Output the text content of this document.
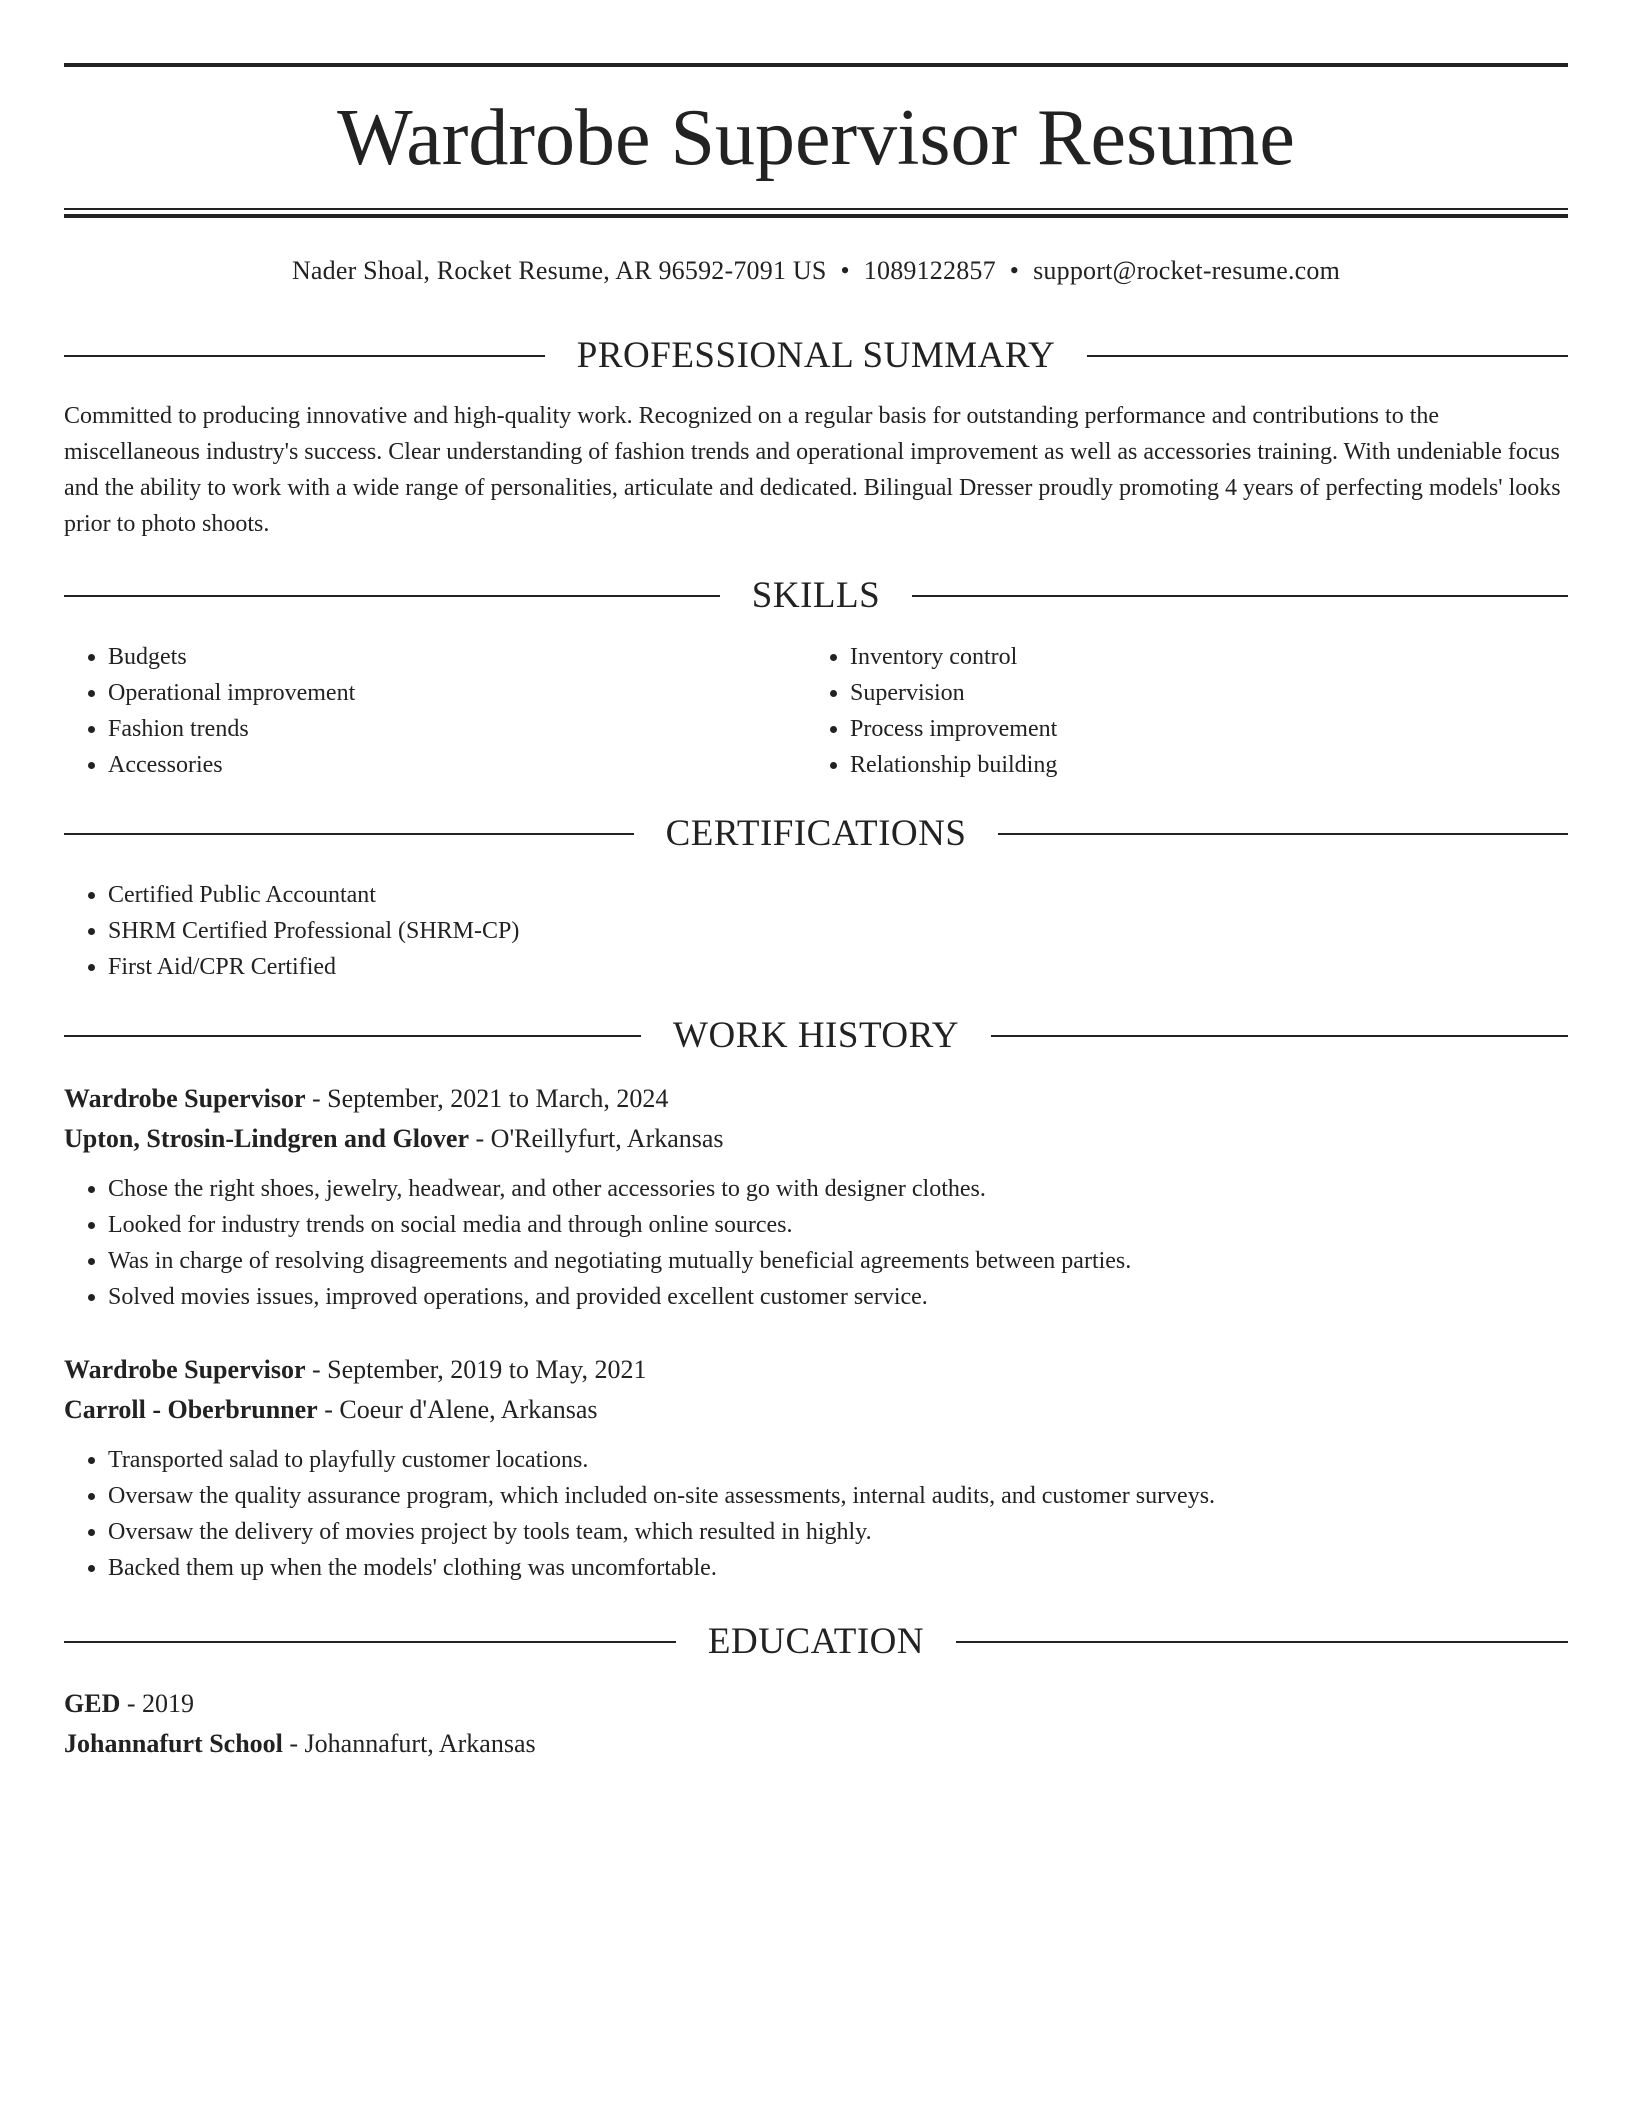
Wardrobe Supervisor Resume
Nader Shoal, Rocket Resume, AR 96592-7091 US • 1089122857 • support@rocket-resume.com
PROFESSIONAL SUMMARY

Committed to producing innovative and high-quality work. Recognized on a regular basis for outstanding performance and contributions to the miscellaneous industry's success. Clear understanding of fashion trends and operational improvement as well as accessories training. With undeniable focus and the ability to work with a wide range of personalities, articulate and dedicated. Bilingual Dresser proudly promoting 4 years of perfecting models' looks prior to photo shoots.

SKILLS
• Budgets
• Operational improvement
• Fashion trends
• Accessories
• Inventory control
• Supervision
• Process improvement
• Relationship building
CERTIFICATIONS
• Certified Public Accountant
• SHRM Certified Professional (SHRM-CP)
• First Aid/CPR Certified
WORK HISTORY
Wardrobe Supervisor - September, 2021 to March, 2024
Upton, Strosin-Lindgren and Glover - O'Reillyfurt, Arkansas
• Chose the right shoes, jewelry, headwear, and other accessories to go with designer clothes.
• Looked for industry trends on social media and through online sources.
• Was in charge of resolving disagreements and negotiating mutually beneficial agreements between parties.
• Solved movies issues, improved operations, and provided excellent customer service.
Wardrobe Supervisor - September, 2019 to May, 2021
Carroll - Oberbrunner - Coeur d'Alene, Arkansas
• Transported salad to playfully customer locations.
• Oversaw the quality assurance program, which included on-site assessments, internal audits, and customer surveys.
• Oversaw the delivery of movies project by tools team, which resulted in highly.
• Backed them up when the models' clothing was uncomfortable.
EDUCATION
GED - 2019
Johannafurt School - Johannafurt, Arkansas
